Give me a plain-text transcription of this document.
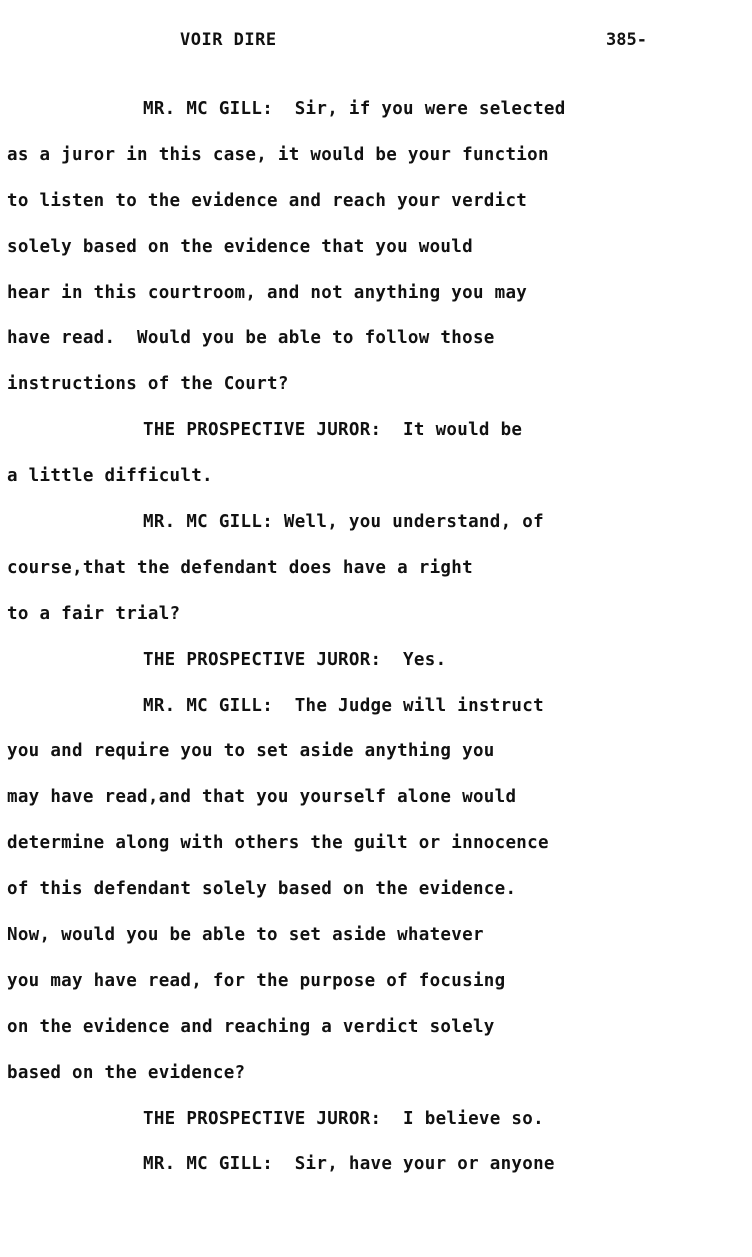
VOIR DIRE	385-
MR. MC GILL:  Sir, if you were selected
as a juror in this case, it would be your function
to listen to the evidence and reach your verdict
solely based on the evidence that you would
hear in this courtroom, and not anything you may
have read.  Would you be able to follow those
instructions of the Court?
THE PROSPECTIVE JUROR:  It would be
a little difficult.
MR. MC GILL: Well, you understand, of
course,that the defendant does have a right
to a fair trial?
THE PROSPECTIVE JUROR:  Yes.
MR. MC GILL:  The Judge will instruct
you and require you to set aside anything you
may have read,and that you yourself alone would
determine along with others the guilt or innocence
of this defendant solely based on the evidence.
Now, would you be able to set aside whatever
you may have read, for the purpose of focusing
on the evidence and reaching a verdict solely
based on the evidence?
THE PROSPECTIVE JUROR:  I believe so.
MR. MC GILL:  Sir, have your or anyone
